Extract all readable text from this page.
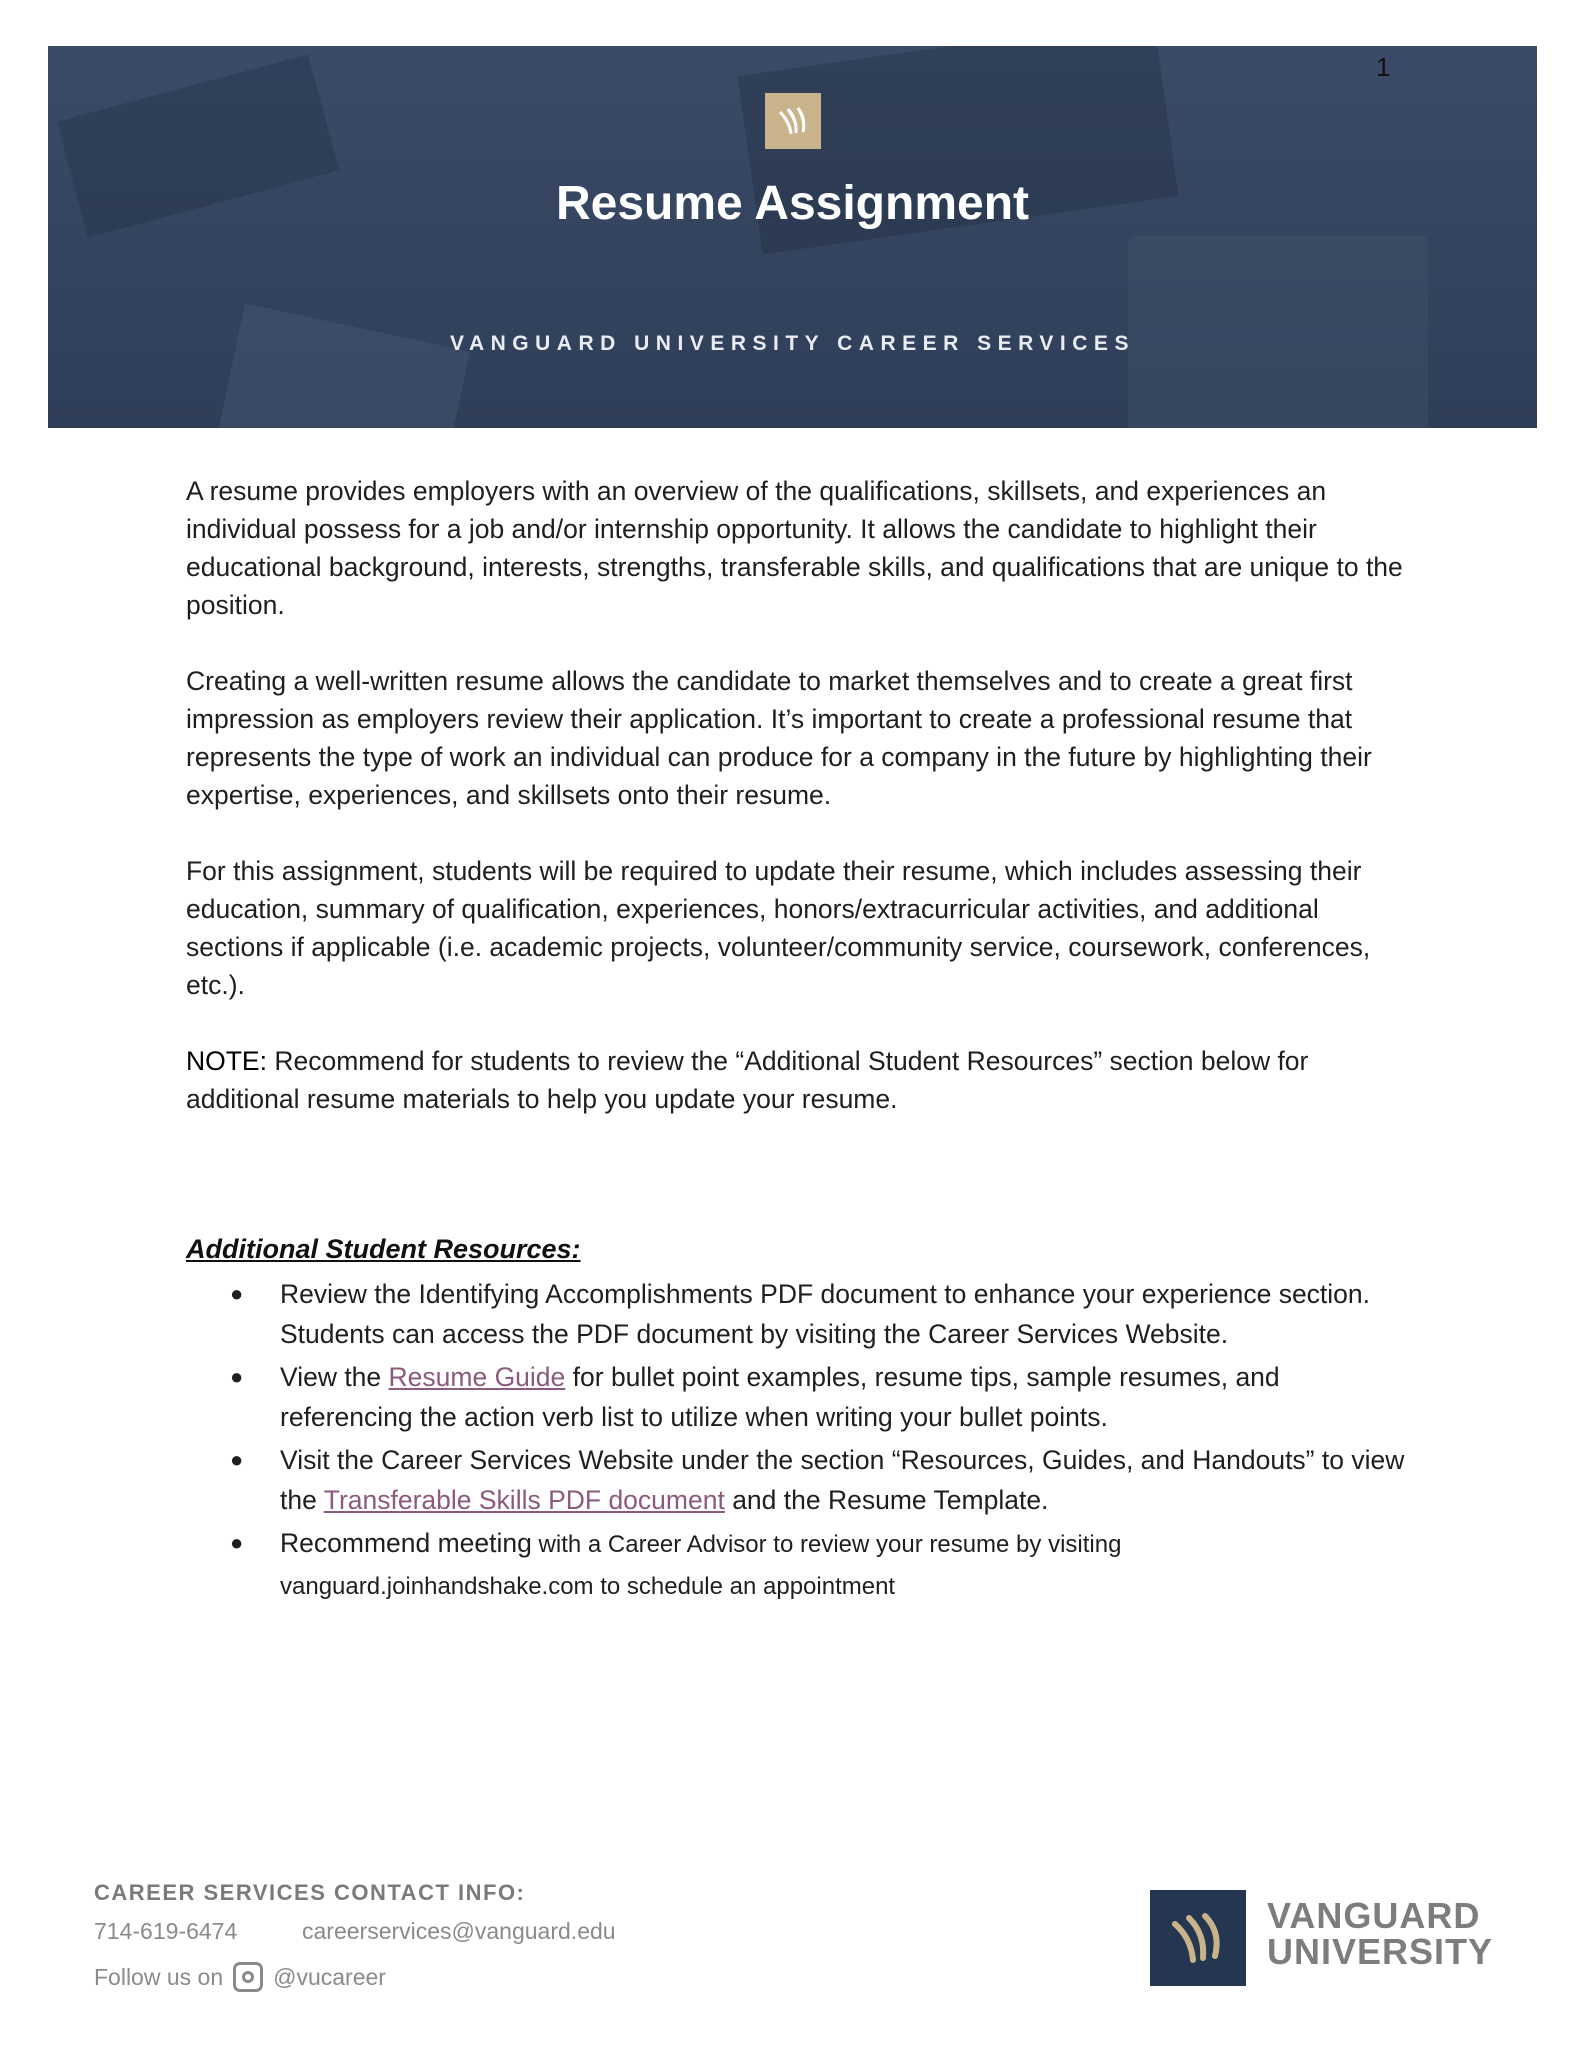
Resume Assignment
VANGUARD UNIVERSITY CAREER SERVICES
1

A resume provides employers with an overview of the qualifications, skillsets, and experiences an individual possess for a job and/or internship opportunity. It allows the candidate to highlight their educational background, interests, strengths, transferable skills, and qualifications that are unique to the position.

Creating a well-written resume allows the candidate to market themselves and to create a great first impression as employers review their application. It’s important to create a professional resume that represents the type of work an individual can produce for a company in the future by highlighting their expertise, experiences, and skillsets onto their resume.

For this assignment, students will be required to update their resume, which includes assessing their education, summary of qualification, experiences, honors/extracurricular activities, and additional sections if applicable (i.e. academic projects, volunteer/community service, coursework, conferences, etc.).

NOTE: Recommend for students to review the “Additional Student Resources” section below for additional resume materials to help you update your resume.

Additional Student Resources:
● Review the Identifying Accomplishments PDF document to enhance your experience section. Students can access the PDF document by visiting the Career Services Website.
● View the Resume Guide for bullet point examples, resume tips, sample resumes, and referencing the action verb list to utilize when writing your bullet points.
● Visit the Career Services Website under the section “Resources, Guides, and Handouts” to view the Transferable Skills PDF document and the Resume Template.
● Recommend meeting with a Career Advisor to review your resume by visiting vanguard.joinhandshake.com to schedule an appointment
CAREER SERVICES CONTACT INFO:
714-619-6474	careerservices@vanguard.edu
Follow us on @vucareer
VANGUARD
UNIVERSITY
